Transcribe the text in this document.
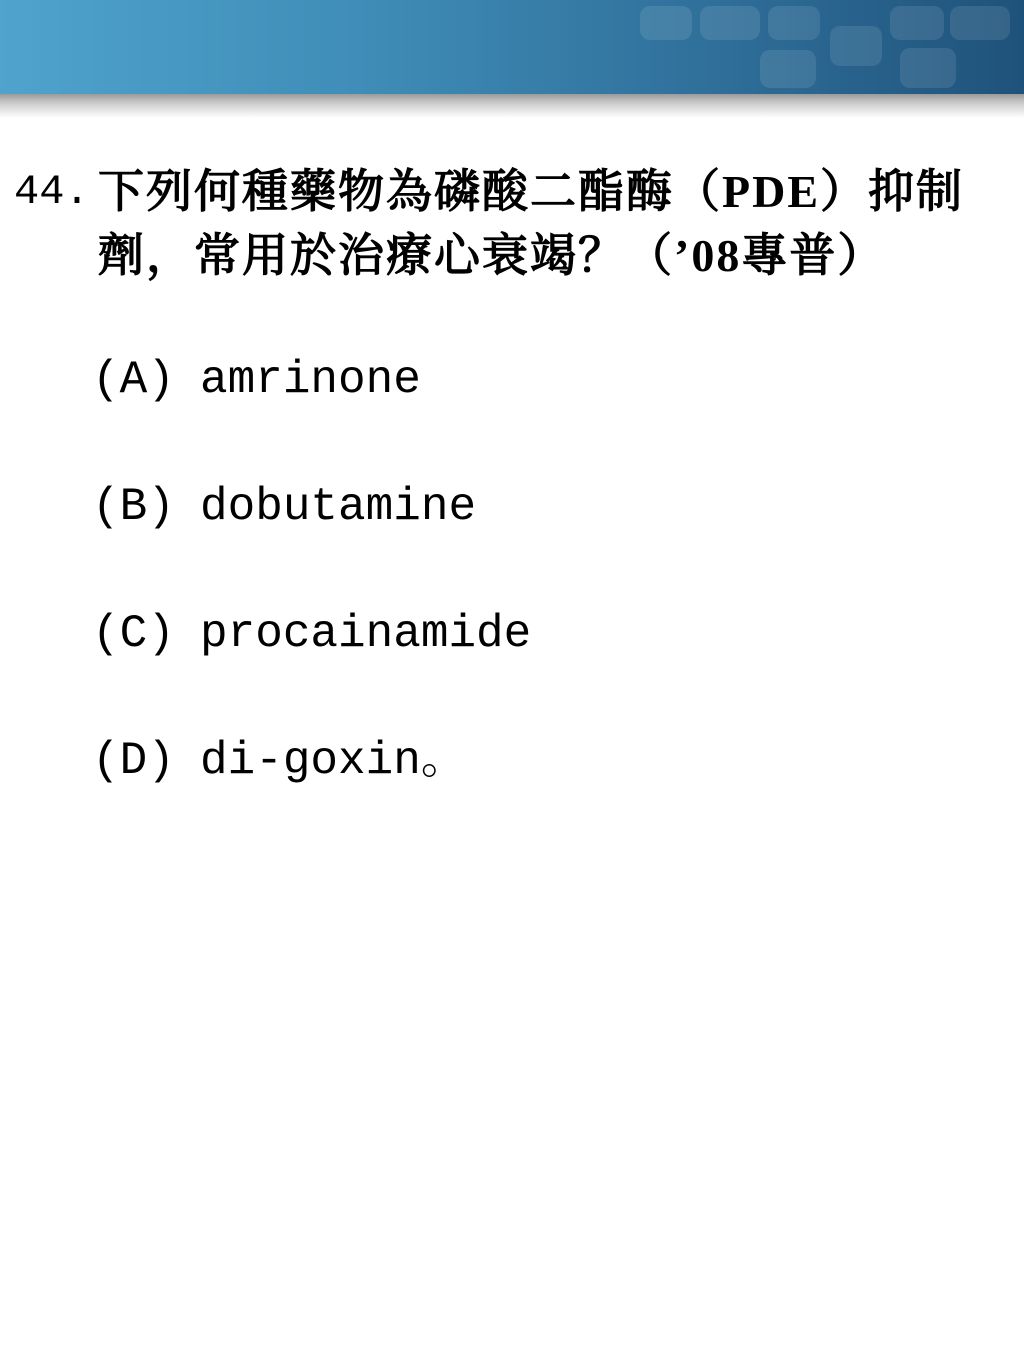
44. 下列何種藥物為磷酸二酯酶（PDE）抑制劑，常用於治療心衰竭？（’08專普）
(A) amrinone
(B) dobutamine
(C) procainamide
(D) di-goxin。
